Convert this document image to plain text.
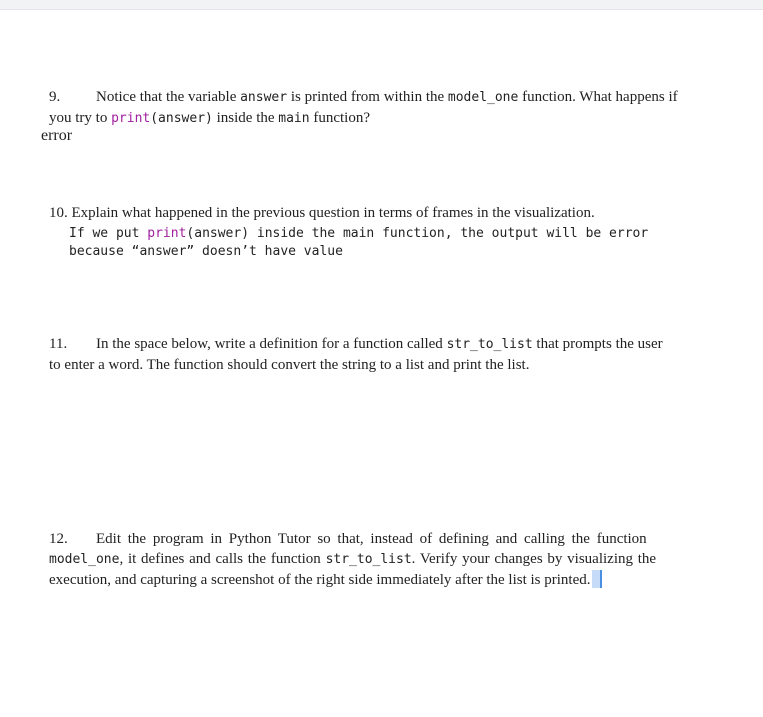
9. Notice that the variable answer is printed from within the model_one function. What happens if
you try to print(answer) inside the main function?
error
10. Explain what happened in the previous question in terms of frames in the visualization.
If we put print(answer) inside the main function, the output will be error
because “answer” doesn’t have value
11. In the space below, write a definition for a function called str_to_list that prompts the user
to enter a word. The function should convert the string to a list and print the list.
12. Edit the program in Python Tutor so that, instead of defining and calling the function
model_one, it defines and calls the function str_to_list. Verify your changes by visualizing the
execution, and capturing a screenshot of the right side immediately after the list is printed.
